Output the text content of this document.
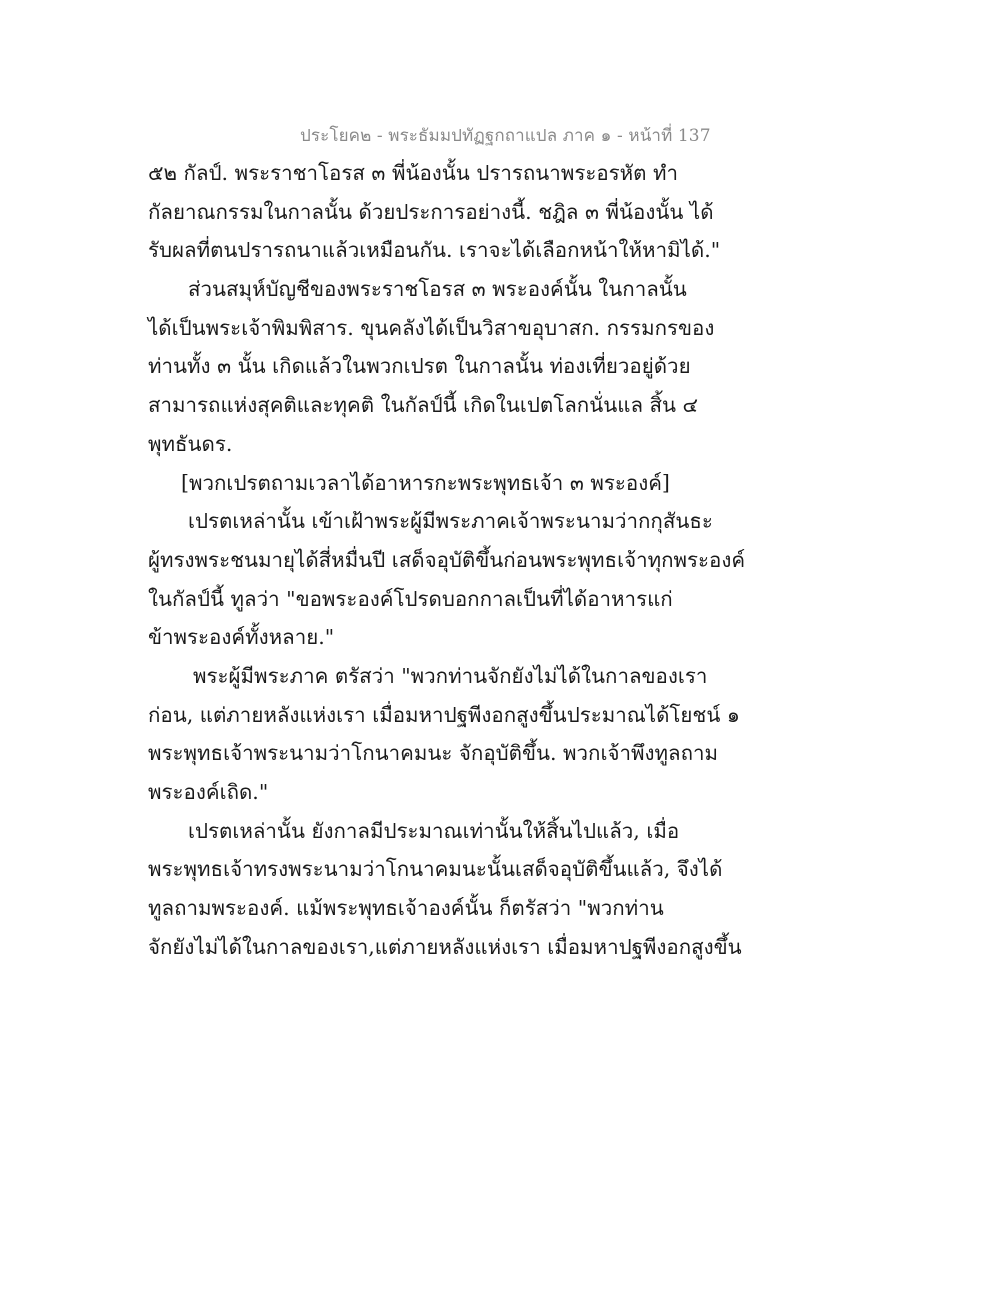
ประโยค๒ - พระธัมมปทัฏฐกถาแปล ภาค ๑ - หน้าที่ 137
๕๒ กัลป์. พระราชาโอรส ๓ พี่น้องนั้น ปรารถนาพระอรหัต ทำ
กัลยาณกรรมในกาลนั้น ด้วยประการอย่างนี้. ชฎิล ๓ พี่น้องนั้น ได้
รับผลที่ตนปรารถนาแล้วเหมือนกัน. เราจะได้เลือกหน้าให้หามิได้."
ส่วนสมุห์บัญชีของพระราชโอรส ๓ พระองค์นั้น ในกาลนั้น
ได้เป็นพระเจ้าพิมพิสาร. ขุนคลังได้เป็นวิสาขอุบาสก. กรรมกรของ
ท่านทั้ง ๓ นั้น เกิดแล้วในพวกเปรต ในกาลนั้น ท่องเที่ยวอยู่ด้วย
สามารถแห่งสุคติและทุคติ ในกัลป์นี้ เกิดในเปตโลกนั่นแล สิ้น ๔
พุทธันดร.
[พวกเปรตถามเวลาได้อาหารกะพระพุทธเจ้า ๓ พระองค์]
เปรตเหล่านั้น เข้าเฝ้าพระผู้มีพระภาคเจ้าพระนามว่ากกุสันธะ
ผู้ทรงพระชนมายุได้สี่หมื่นปี เสด็จอุบัติขึ้นก่อนพระพุทธเจ้าทุกพระองค์
ในกัลป์นี้ ทูลว่า "ขอพระองค์โปรดบอกกาลเป็นที่ได้อาหารแก่
ข้าพระองค์ทั้งหลาย."
พระผู้มีพระภาค ตรัสว่า "พวกท่านจักยังไม่ได้ในกาลของเรา
ก่อน, แต่ภายหลังแห่งเรา เมื่อมหาปฐพีงอกสูงขึ้นประมาณได้โยชน์ ๑
พระพุทธเจ้าพระนามว่าโกนาคมนะ จักอุบัติขึ้น. พวกเจ้าพึงทูลถาม
พระองค์เถิด."
เปรตเหล่านั้น ยังกาลมีประมาณเท่านั้นให้สิ้นไปแล้ว, เมื่อ
พระพุทธเจ้าทรงพระนามว่าโกนาคมนะนั้นเสด็จอุบัติขึ้นแล้ว, จึงได้
ทูลถามพระองค์. แม้พระพุทธเจ้าองค์นั้น ก็ตรัสว่า "พวกท่าน
จักยังไม่ได้ในกาลของเรา,แต่ภายหลังแห่งเรา เมื่อมหาปฐพีงอกสูงขึ้น
